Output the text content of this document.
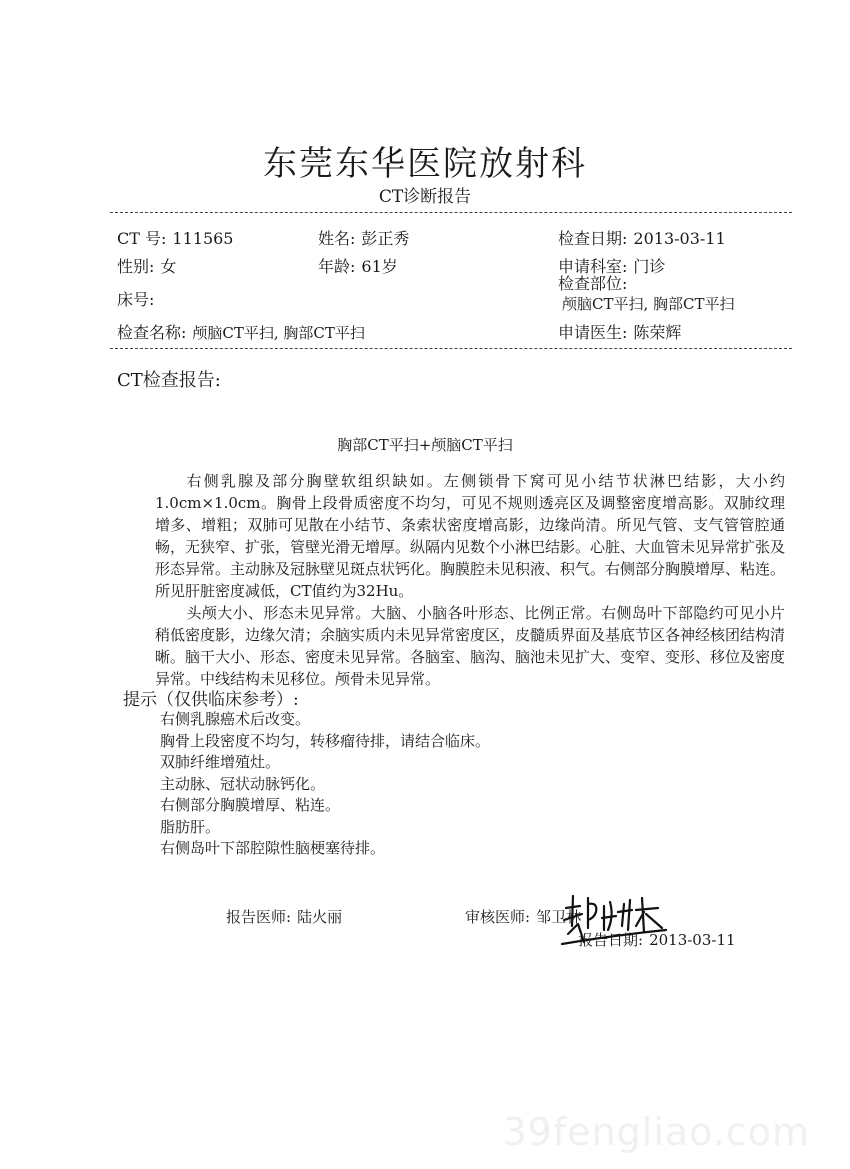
东莞东华医院放射科
CT诊断报告
CT 号: 111565	姓名: 彭正秀	检查日期: 2013-03-11
性别: 女	年龄: 61岁	申请科室: 门诊
床号:
检查部位:颅脑CT平扫, 胸部CT平扫
检查名称: 颅脑CT平扫, 胸部CT平扫	申请医生: 陈荣辉
CT检查报告:
胸部CT平扫+颅脑CT平扫

右侧乳腺及部分胸壁软组织缺如。左侧锁骨下窝可见小结节状淋巴结影，大小约1.0cm×1.0cm。胸骨上段骨质密度不均匀，可见不规则透亮区及调整密度增高影。双肺纹理增多、增粗；双肺可见散在小结节、条索状密度增高影，边缘尚清。所见气管、支气管管腔通畅，无狭窄、扩张，管壁光滑无增厚。纵隔内见数个小淋巴结影。心脏、大血管未见异常扩张及形态异常。主动脉及冠脉壁见斑点状钙化。胸膜腔未见积液、积气。右侧部分胸膜增厚、粘连。所见肝脏密度减低，CT值约为32Hu。

头颅大小、形态未见异常。大脑、小脑各叶形态、比例正常。右侧岛叶下部隐约可见小片稍低密度影，边缘欠清；余脑实质内未见异常密度区，皮髓质界面及基底节区各神经核团结构清晰。脑干大小、形态、密度未见异常。各脑室、脑沟、脑池未见扩大、变窄、变形、移位及密度异常。中线结构未见移位。颅骨未见异常。

提示（仅供临床参考）:
右侧乳腺癌术后改变。
胸骨上段密度不均匀，转移瘤待排，请结合临床。
双肺纤维增殖灶。
主动脉、冠状动脉钙化。
右侧部分胸膜增厚、粘连。
脂肪肝。
右侧岛叶下部腔隙性脑梗塞待排。
报告医师: 陆火丽	审核医师: 邹卫林
报告日期: 2013-03-11
39fengliao.com
